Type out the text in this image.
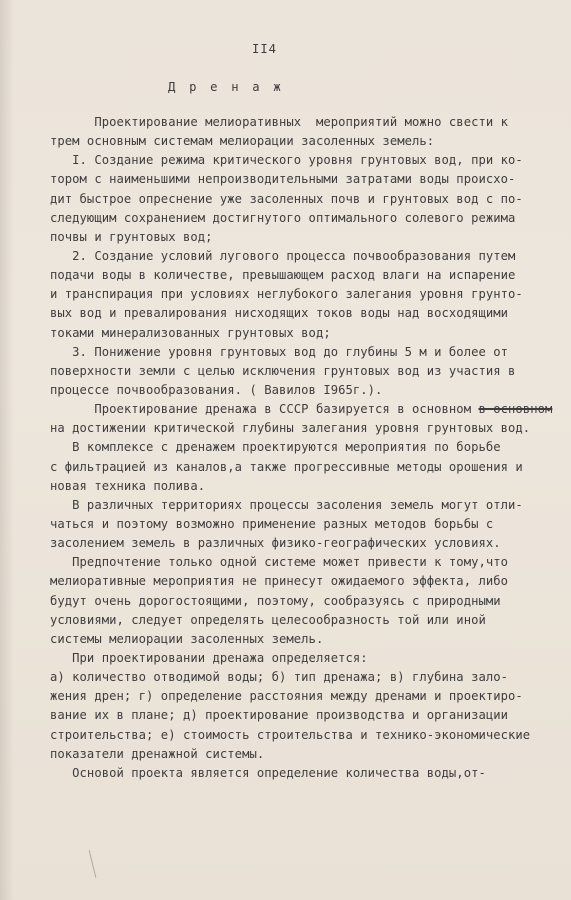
II4
Д р е н а ж
Проектирование мелиоративных  мероприятий можно свести к
трем основным системам мелиорации засоленных земель:
I. Создание режима критического уровня грунтовых вод, при ко-
тором с наименьшими непроизводительными затратами воды происхо-
дит быстрое опреснение уже засоленных почв и грунтовых вод с по-
следующим сохранением достигнутого оптимального солевого режима
почвы и грунтовых вод;
2. Создание условий лугового процесса почвообразования путем
подачи воды в количестве, превышающем расход влаги на испарение
и транспирация при условиях неглубокого залегания уровня грунто-
вых вод и превалирования нисходящих токов воды над восходящими
токами минерализованных грунтовых вод;
3. Понижение уровня грунтовых вод до глубины 5 м и более от
поверхности земли с целью исключения грунтовых вод из участия в
процессе почвообразования. ( Вавилов I965г.).
Проектирование дренажа в СССР базируется в основном в основном
на достижении критической глубины залегания уровня грунтовых вод.
В комплексе с дренажем проектируются мероприятия по борьбе
с фильтрацией из каналов,а также прогрессивные методы орошения и
новая техника полива.
В различных территориях процессы засоления земель могут отли-
чаться и поэтому возможно применение разных методов борьбы с
засолением земель в различных физико-географических условиях.
Предпочтение только одной системе может привести к тому,что
мелиоративные мероприятия не принесут ожидаемого эффекта, либо
будут очень дорогостоящими, поэтому, сообразуясь с природными
условиями, следует определять целесообразность той или иной
системы мелиорации засоленных земель.
При проектировании дренажа определяется:
а) количество отводимой воды; б) тип дренажа; в) глубина зало-
жения дрен; г) определение расстояния между дренами и проектиро-
вание их в плане; д) проектирование производства и организации
строительства; е) стоимость строительства и технико-экономические
показатели дренажной системы.
Основой проекта является определение количества воды,от-
